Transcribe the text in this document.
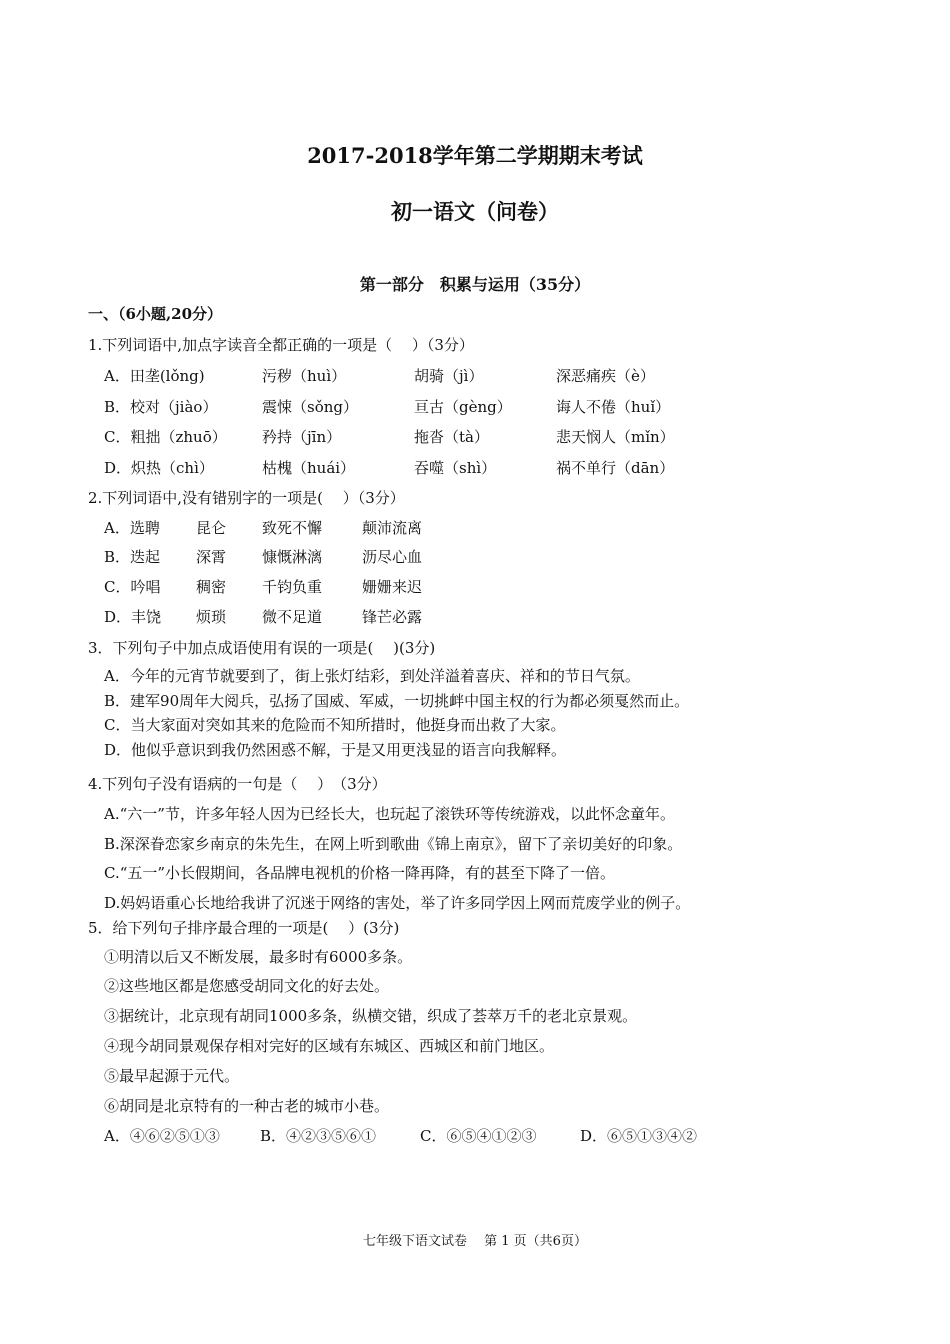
2017-2018学年第二学期期末考试
初一语文（问卷）
第一部分　积累与运用（35分）
一、（6小题,20分）
1.下列词语中,加点字读音全都正确的一项是（　 ）（3分）
A．田垄(lǒng)	污秽（huì）	胡骑（jì）	深恶痛疾（è）
B．校对（jiào）	震悚（sǒng）	亘古（gèng）	诲人不倦（huǐ）
C．粗拙（zhuō） 矜持（jīn）	拖沓（tà）	悲天悯人（mǐn）
D．炽热（chì）	枯槐（huái）	吞噬（shì）	祸不单行（dān）
2.下列词语中,没有错别字的一项是(　 ）（3分）
A．选聘 昆仑 致死不懈	颠沛流离
B．迭起 深霄 慷慨淋漓	沥尽心血
C．吟唱 稠密 千钧负重	姗姗来迟
D．丰饶 烦琐 微不足道	锋芒必露
3．下列句子中加点成语使用有误的一项是(　 )(3分)
A．今年的元宵节就要到了，街上张灯结彩，到处洋溢着喜庆、祥和的节日气氛。
B．建军90周年大阅兵，弘扬了国威、军威，一切挑衅中国主权的行为都必须戛然而止。
C．当大家面对突如其来的危险而不知所措时，他挺身而出救了大家。
D．他似乎意识到我仍然困惑不解，于是又用更浅显的语言向我解释。
4.下列句子没有语病的一句是（　 ）　（3分）
A.“六一”节，许多年轻人因为已经长大，也玩起了滚铁环等传统游戏，以此怀念童年。
B.深深眷恋家乡南京的朱先生，在网上听到歌曲《锦上南京》，留下了亲切美好的印象。
C.“五一”小长假期间，各品牌电视机的价格一降再降，有的甚至下降了一倍。
D.妈妈语重心长地给我讲了沉迷于网络的害处，举了许多同学因上网而荒废学业的例子。
5．给下列句子排序最合理的一项是(　 ）(3分)
①明清以后又不断发展，最多时有6000多条。
②这些地区都是您感受胡同文化的好去处。
③据统计，北京现有胡同1000多条，纵横交错，织成了荟萃万千的老北京景观。
④现今胡同景观保存相对完好的区域有东城区、西城区和前门地区。
⑤最早起源于元代。
⑥胡同是北京特有的一种古老的城市小巷。
A．④⑥②⑤①③	B．④②③⑤⑥①	C．⑥⑤④①②③	D．⑥⑤①③④②
七年级下语文试卷　 第 1 页（共6页）
